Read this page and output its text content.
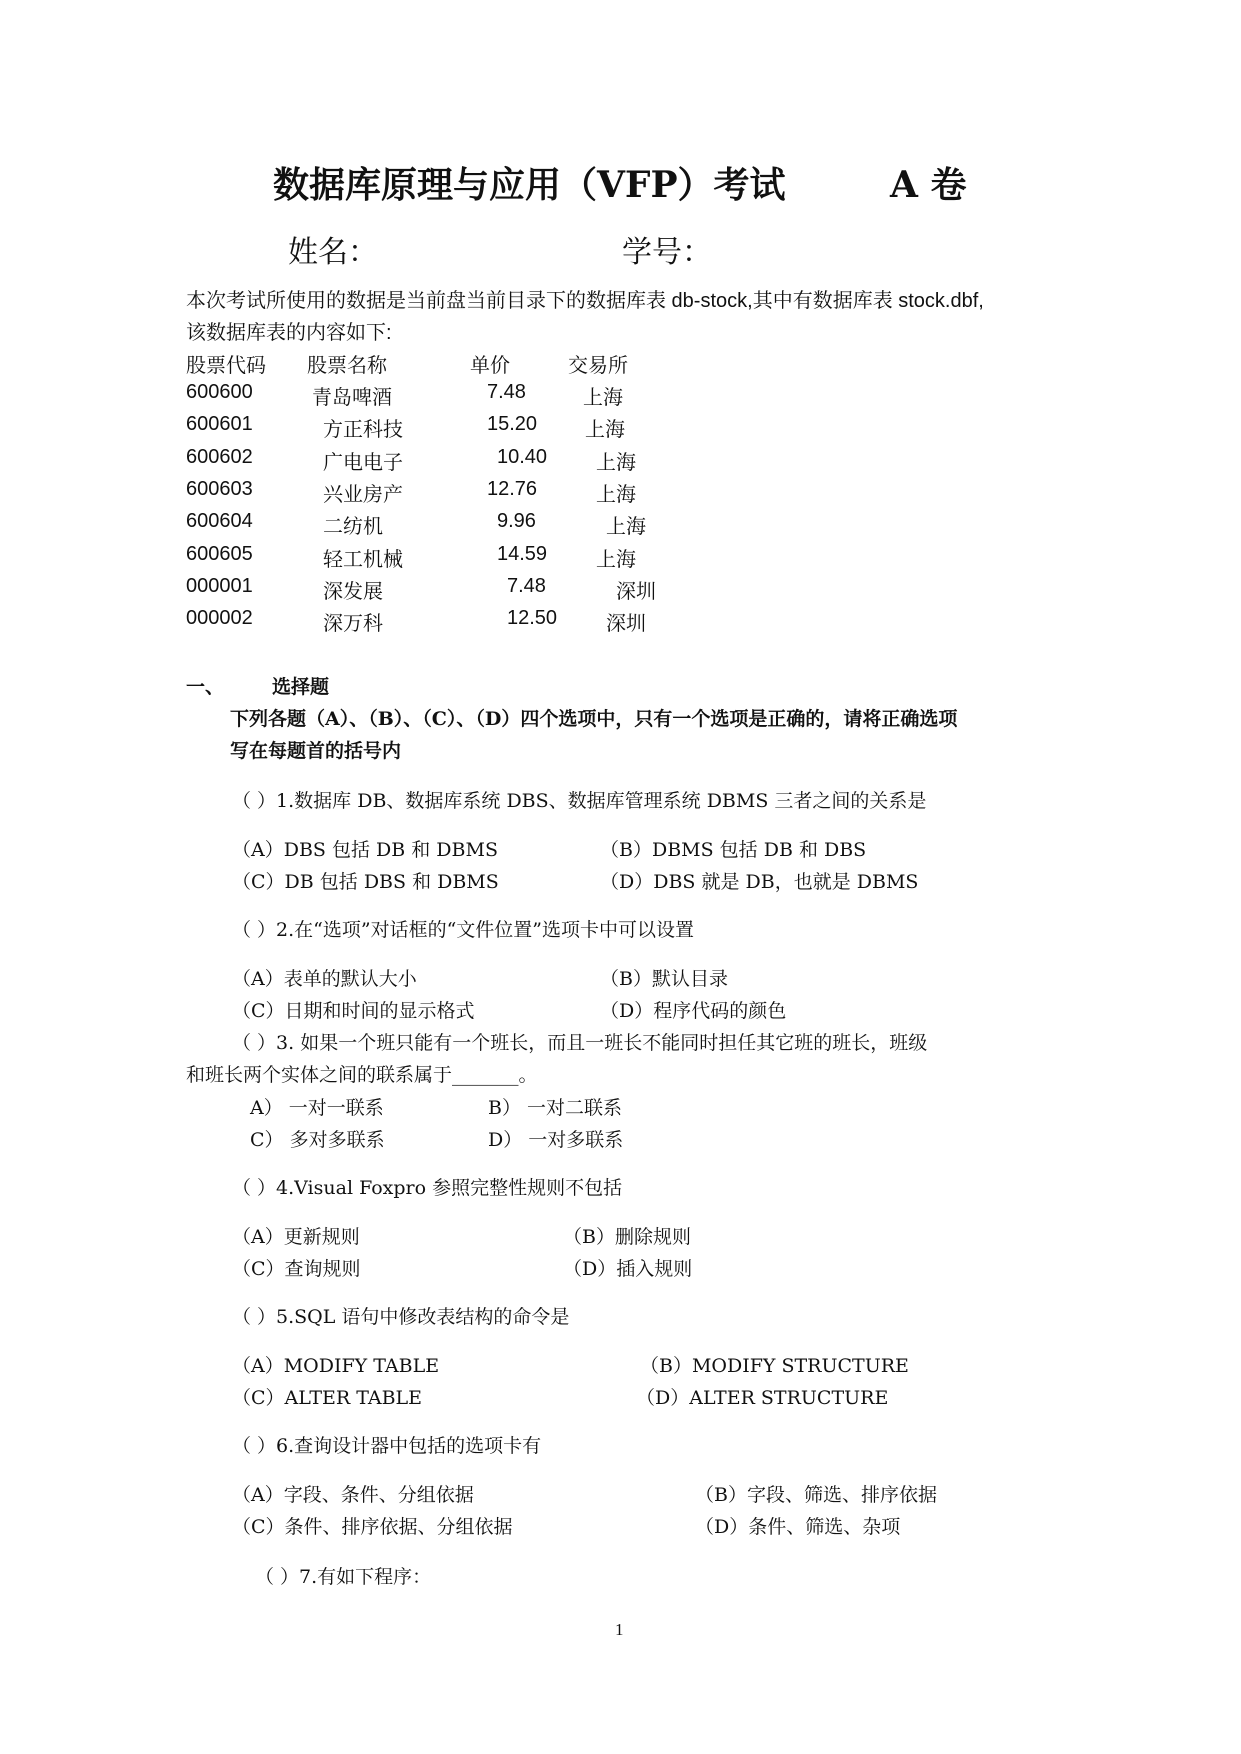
数据库原理与应用（VFP）考试	A 卷
姓名：	学号：
本次考试所使用的数据是当前盘当前目录下的数据库表 db-stock,其中有数据库表 stock.dbf,
该数据库表的内容如下:
股票代码 股票名称	单价	交易所
600600	青岛啤酒	7.48	上海
600601	方正科技	15.20 上海
600602	广电电子	10.40 上海
600603	兴业房产	12.76	上海
600604	二纺机	9.96	上海
600605	轻工机械	14.59 上海
000001	深发展	7.48	深圳
000002	深万科	12.50 深圳
一、	选择题
下列各题（A）、（B）、（C）、（D）四个选项中，只有一个选项是正确的，请将正确选项
写在每题首的括号内
（ ）1.数据库 DB、数据库系统 DBS、数据库管理系统 DBMS 三者之间的关系是
（A）DBS 包括 DB 和 DBMS	（B）DBMS 包括 DB 和 DBS
（C）DB 包括 DBS 和 DBMS	（D）DBS 就是 DB，也就是 DBMS
（ ）2.在“选项”对话框的“文件位置”选项卡中可以设置
（A）表单的默认大小	（B）默认目录
（C）日期和时间的显示格式	（D）程序代码的颜色
（ ）3. 如果一个班只能有一个班长，而且一班长不能同时担任其它班的班长，班级
和班长两个实体之间的联系属于_______。
A） 一对一联系	B） 一对二联系
C） 多对多联系	D） 一对多联系
（ ）4.Visual Foxpro 参照完整性规则不包括
（A）更新规则	（B）删除规则
（C）查询规则	（D）插入规则
（ ）5.SQL 语句中修改表结构的命令是
（A）MODIFY TABLE	（B）MODIFY STRUCTURE
（C）ALTER TABLE	（D）ALTER STRUCTURE
（ ）6.查询设计器中包括的选项卡有
（A）字段、条件、分组依据	（B）字段、筛选、排序依据
（C）条件、排序依据、分组依据	（D）条件、筛选、杂项
（ ）7.有如下程序：
1
